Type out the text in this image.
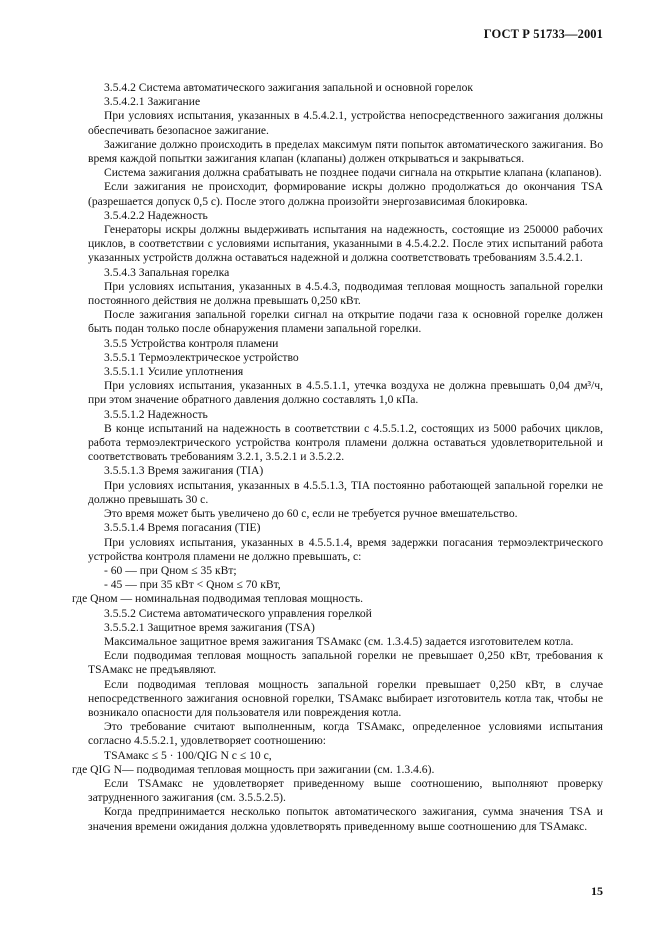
ГОСТ Р 51733—2001

3.5.4.2 Система автоматического зажигания запальной и основной горелок

3.5.4.2.1 Зажигание

При условиях испытания, указанных в 4.5.4.2.1, устройства непосредственного зажигания должны обеспечивать безопасное зажигание.

Зажигание должно происходить в пределах максимум пяти попыток автоматического зажигания. Во время каждой попытки зажигания клапан (клапаны) должен открываться и закрываться.

Система зажигания должна срабатывать не позднее подачи сигнала на открытие клапана (клапанов).

Если зажигания не происходит, формирование искры должно продолжаться до окончания TSA (разрешается допуск 0,5 с). После этого должна произойти энергозависимая блокировка.

3.5.4.2.2 Надежность

Генераторы искры должны выдерживать испытания на надежность, состоящие из 250000 рабочих циклов, в соответствии с условиями испытания, указанными в 4.5.4.2.2. После этих испытаний работа указанных устройств должна оставаться надежной и должна соответствовать требованиям 3.5.4.2.1.

3.5.4.3 Запальная горелка

При условиях испытания, указанных в 4.5.4.3, подводимая тепловая мощность запальной горелки постоянного действия не должна превышать 0,250 кВт.

После зажигания запальной горелки сигнал на открытие подачи газа к основной горелке должен быть подан только после обнаружения пламени запальной горелки.

3.5.5 Устройства контроля пламени

3.5.5.1 Термоэлектрическое устройство

3.5.5.1.1 Усилие уплотнения

При условиях испытания, указанных в 4.5.5.1.1, утечка воздуха не должна превышать 0,04 дм³/ч, при этом значение обратного давления должно составлять 1,0 кПа.

3.5.5.1.2 Надежность

В конце испытаний на надежность в соответствии с 4.5.5.1.2, состоящих из 5000 рабочих циклов, работа термоэлектрического устройства контроля пламени должна оставаться удовлетворительной и соответствовать требованиям 3.2.1, 3.5.2.1 и 3.5.2.2.

3.5.5.1.3 Время зажигания (TIA)

При условиях испытания, указанных в 4.5.5.1.3, TIA постоянно работающей запальной горелки не должно превышать 30 с.

Это время может быть увеличено до 60 с, если не требуется ручное вмешательство.

3.5.5.1.4 Время погасания (TIE)

При условиях испытания, указанных в 4.5.5.1.4, время задержки погасания термоэлектрического устройства контроля пламени не должно превышать, с:

- 60 — при Qном ≤ 35 кВт;

- 45 — при 35 кВт < Qном ≤ 70 кВт,

где Qном — номинальная подводимая тепловая мощность.

3.5.5.2 Система автоматического управления горелкой

3.5.5.2.1 Защитное время зажигания (TSA)

Максимальное защитное время зажигания TSAмакс (см. 1.3.4.5) задается изготовителем котла.

Если подводимая тепловая мощность запальной горелки не превышает 0,250 кВт, требования к TSAмакс не предъявляют.

Если подводимая тепловая мощность запальной горелки превышает 0,250 кВт, в случае непосредственного зажигания основной горелки, TSAмакс выбирает изготовитель котла так, чтобы не возникало опасности для пользователя или повреждения котла.

Это требование считают выполненным, когда TSAмакс, определенное условиями испытания согласно 4.5.5.2.1, удовлетворяет соотношению:

TSAмакс ≤ 5 · 100/QIG N с ≤ 10 с,

где QIG N— подводимая тепловая мощность при зажигании (см. 1.3.4.6).

Если TSAмакс не удовлетворяет приведенному выше соотношению, выполняют проверку затрудненного зажигания (см. 3.5.5.2.5).

Когда предпринимается несколько попыток автоматического зажигания, сумма значения TSA и значения времени ожидания должна удовлетворять приведенному выше соотношению для TSAмакс.

15
